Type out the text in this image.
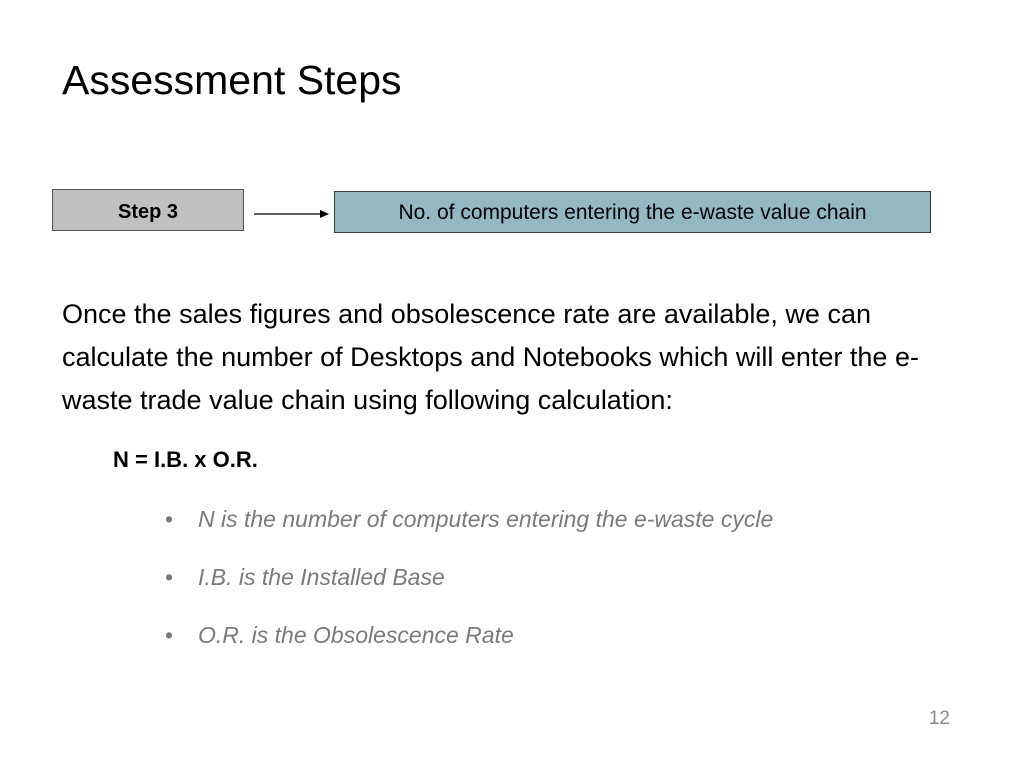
Assessment Steps
Step 3	No. of computers entering the e-waste value chain

Once the sales figures and obsolescence rate are available, we can calculate the number of Desktops and Notebooks which will enter the e-waste trade value chain using following calculation:

N = I.B. x O.R.
• N is the number of computers entering the e-waste cycle
• I.B. is the Installed Base
• O.R. is the Obsolescence Rate
12
